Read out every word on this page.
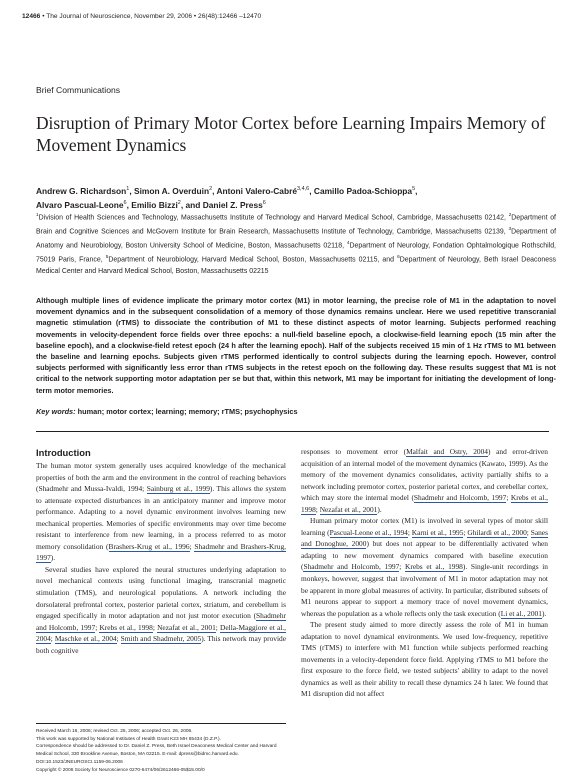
12466 • The Journal of Neuroscience, November 29, 2006 • 26(48):12466 –12470
Brief Communications
Disruption of Primary Motor Cortex before Learning Impairs Memory of Movement Dynamics
Andrew G. Richardson$^1$, Simon A. Overduin$^2$, Antoni Valero-Cabré$^{3,4,6}$, Camillo Padoa-Schioppa$^5$,
Alvaro Pascual-Leone$^6$, Emilio Bizzi$^2$, and Daniel Z. Press$^6$
$^1$Division of Health Sciences and Technology, Massachusetts Institute of Technology and Harvard Medical School, Cambridge, Massachusetts 02142, $^2$Department of Brain and Cognitive Sciences and McGovern Institute for Brain Research, Massachusetts Institute of Technology, Cambridge, Massachusetts 02139, $^3$Department of Anatomy and Neurobiology, Boston University School of Medicine, Boston, Massachusetts 02118, $^4$Department of Neurology, Fondation Ophtalmologique Rothschild, 75019 Paris, France, $^5$Department of Neurobiology, Harvard Medical School, Boston, Massachusetts 02115, and $^6$Department of Neurology, Beth Israel Deaconess Medical Center and Harvard Medical School, Boston, Massachusetts 02215
Although multiple lines of evidence implicate the primary motor cortex (M1) in motor learning, the precise role of M1 in the adaptation to novel movement dynamics and in the subsequent consolidation of a memory of those dynamics remains unclear. Here we used repetitive transcranial magnetic stimulation (rTMS) to dissociate the contribution of M1 to these distinct aspects of motor learning. Subjects performed reaching movements in velocity-dependent force fields over three epochs: a null-field baseline epoch, a clockwise-field learning epoch (15 min after the baseline epoch), and a clockwise-field retest epoch (24 h after the learning epoch). Half of the subjects received 15 min of 1 Hz rTMS to M1 between the baseline and learning epochs. Subjects given rTMS performed identically to control subjects during the learning epoch. However, control subjects performed with significantly less error than rTMS subjects in the retest epoch on the following day. These results suggest that M1 is not critical to the network supporting motor adaptation per se but that, within this network, M1 may be important for initiating the development of long-term motor memories.
Key words: human; motor cortex; learning; memory; rTMS; psychophysics
Introduction

The human motor system generally uses acquired knowledge of the mechanical properties of both the arm and the environment in the control of reaching behaviors (Shadmehr and Mussa-Ivaldi, 1994; Sainburg et al., 1999). This allows the system to attenuate expected disturbances in an anticipatory manner and improve motor performance. Adapting to a novel dynamic environment involves learning new mechanical properties. Memories of specific environments may over time become resistant to interference from new learning, in a process referred to as motor memory consolidation (Brashers-Krug et al., 1996; Shadmehr and Brashers-Krug, 1997).

Several studies have explored the neural structures underlying adaptation to novel mechanical contexts using functional imaging, transcranial magnetic stimulation (TMS), and neurological populations. A network including the dorsolateral prefrontal cortex, posterior parietal cortex, striatum, and cerebellum is engaged specifically in motor adaptation and not just motor execution (Shadmehr and Holcomb, 1997; Krebs et al., 1998; Nezafat et al., 2001; Della-Maggiore et al., 2004; Maschke et al., 2004; Smith and Shadmehr, 2005). This network may provide both cognitive

responses to movement error (Malfait and Ostry, 2004) and error-driven acquisition of an internal model of the movement dynamics (Kawato, 1999). As the memory of the movement dynamics consolidates, activity partially shifts to a network including premotor cortex, posterior parietal cortex, and cerebellar cortex, which may store the internal model (Shadmehr and Holcomb, 1997; Krebs et al., 1998; Nezafat et al., 2001).

Human primary motor cortex (M1) is involved in several types of motor skill learning (Pascual-Leone et al., 1994; Karni et al., 1995; Ghilardi et al., 2000; Sanes and Donoghue, 2000) but does not appear to be differentially activated when adapting to new movement dynamics compared with baseline execution (Shadmehr and Holcomb, 1997; Krebs et al., 1998). Single-unit recordings in monkeys, however, suggest that involvement of M1 in motor adaptation may not be apparent in more global measures of activity. In particular, distributed subsets of M1 neurons appear to support a memory trace of novel movement dynamics, whereas the population as a whole reflects only the task execution (Li et al., 2001).

The present study aimed to more directly assess the role of M1 in human adaptation to novel dynamical environments. We used low-frequency, repetitive TMS (rTMS) to interfere with M1 function while subjects performed reaching movements in a velocity-dependent force field. Applying rTMS to M1 before the first exposure to the force field, we tested subjects' ability to adapt to the novel dynamics as well as their ability to recall these dynamics 24 h later. We found that M1 disruption did not affect

Received March 16, 2006; revised Oct. 25, 2006; accepted Oct. 26, 2006.
This work was supported by National Institutes of Health Grant K23 MH 65434 (D.Z.P.).
Correspondence should be addressed to Dr. Daniel Z. Press, Beth Israel Deaconess Medical Center and Harvard
Medical School, 330 Brookline Avenue, Boston, MA 02215. E-mail: dpress@bidmc.harvard.edu.
DOI:10.1523/JNEUROSCI.1159-06.2006
Copyright © 2006 Society for Neuroscience 0270-6474/06/2612466-05$15.00/0
